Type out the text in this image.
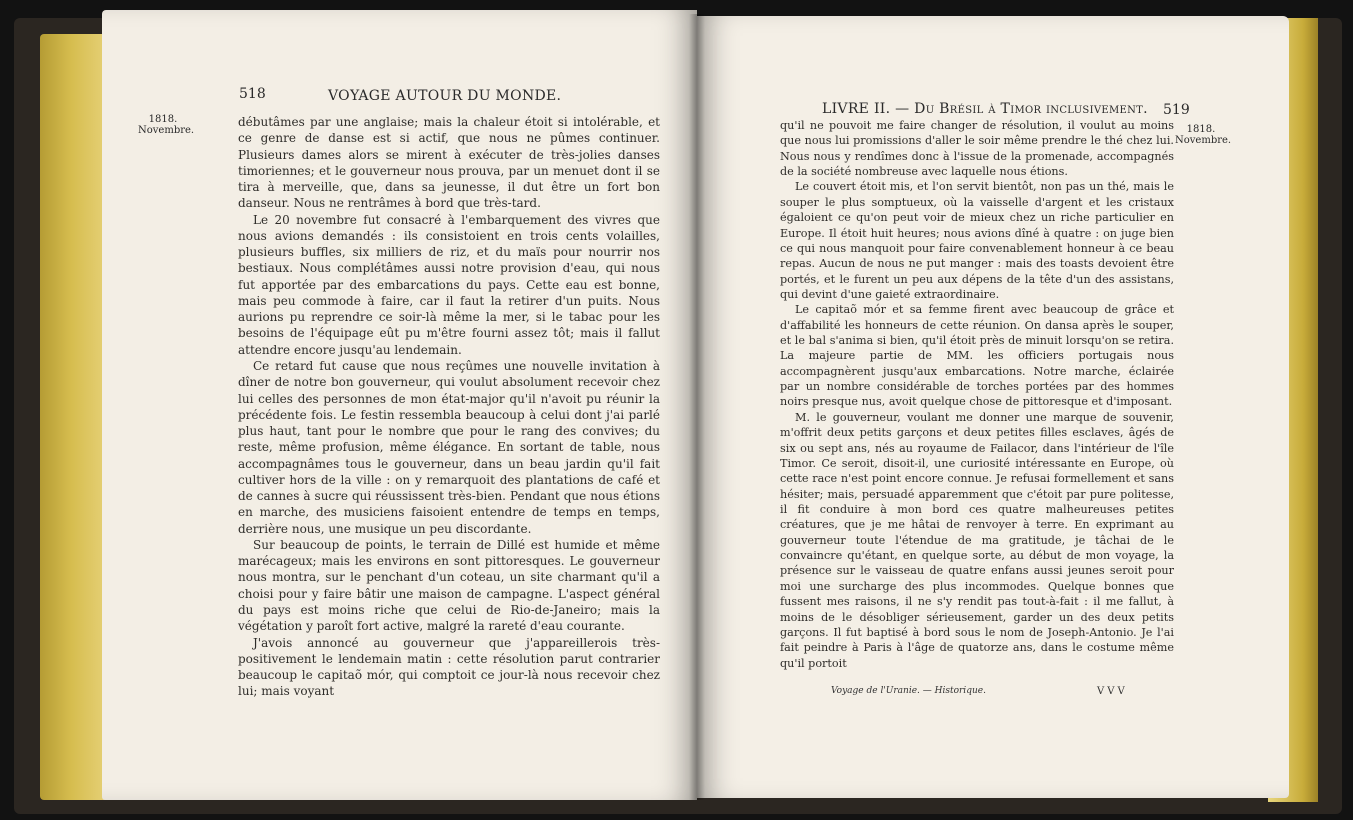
1818.
Novembre.
518	VOYAGE AUTOUR DU MONDE.

débutâmes par une anglaise; mais la chaleur étoit si intolérable, et ce genre de danse est si actif, que nous ne pûmes continuer. Plusieurs dames alors se mirent à exécuter de très-jolies danses timoriennes; et le gouverneur nous prouva, par un menuet dont il se tira à merveille, que, dans sa jeunesse, il dut être un fort bon danseur. Nous ne rentrâmes à bord que très-tard.

Le 20 novembre fut consacré à l'embarquement des vivres que nous avions demandés : ils consistoient en trois cents volailles, plusieurs buffles, six milliers de riz, et du maïs pour nourrir nos bestiaux. Nous complétâmes aussi notre provision d'eau, qui nous fut apportée par des embarcations du pays. Cette eau est bonne, mais peu commode à faire, car il faut la retirer d'un puits. Nous aurions pu reprendre ce soir-là même la mer, si le tabac pour les besoins de l'équipage eût pu m'être fourni assez tôt; mais il fallut attendre encore jusqu'au lendemain.

Ce retard fut cause que nous reçûmes une nouvelle invitation à dîner de notre bon gouverneur, qui voulut absolument recevoir chez lui celles des personnes de mon état-major qu'il n'avoit pu réunir la précédente fois. Le festin ressembla beaucoup à celui dont j'ai parlé plus haut, tant pour le nombre que pour le rang des convives; du reste, même profusion, même élégance. En sortant de table, nous accompagnâmes tous le gouverneur, dans un beau jardin qu'il fait cultiver hors de la ville : on y remarquoit des plantations de café et de cannes à sucre qui réussissent très-bien. Pendant que nous étions en marche, des musiciens faisoient entendre de temps en temps, derrière nous, une musique un peu discordante.

Sur beaucoup de points, le terrain de Dillé est humide et même marécageux; mais les environs en sont pittoresques. Le gouverneur nous montra, sur le penchant d'un coteau, un site charmant qu'il a choisi pour y faire bâtir une maison de campagne. L'aspect général du pays est moins riche que celui de Rio-de-Janeiro; mais la végétation y paroît fort active, malgré la rareté d'eau courante.

J'avois annoncé au gouverneur que j'appareillerois très-positivement le lendemain matin : cette résolution parut contrarier beaucoup le capitaõ mór, qui comptoit ce jour-là nous recevoir chez lui; mais voyant

LIVRE II. — Du Brésil à Timor inclusivement. 519
1818.
Novembre.

qu'il ne pouvoit me faire changer de résolution, il voulut au moins que nous lui promissions d'aller le soir même prendre le thé chez lui. Nous nous y rendîmes donc à l'issue de la promenade, accompagnés de la société nombreuse avec laquelle nous étions.

Le couvert étoit mis, et l'on servit bientôt, non pas un thé, mais le souper le plus somptueux, où la vaisselle d'argent et les cristaux égaloient ce qu'on peut voir de mieux chez un riche particulier en Europe. Il étoit huit heures; nous avions dîné à quatre : on juge bien ce qui nous manquoit pour faire convenablement honneur à ce beau repas. Aucun de nous ne put manger : mais des toasts devoient être portés, et le furent un peu aux dépens de la tête d'un des assistans, qui devint d'une gaieté extraordinaire.

Le capitaõ mór et sa femme firent avec beaucoup de grâce et d'affabilité les honneurs de cette réunion. On dansa après le souper, et le bal s'anima si bien, qu'il étoit près de minuit lorsqu'on se retira. La majeure partie de MM. les officiers portugais nous accompagnèrent jusqu'aux embarcations. Notre marche, éclairée par un nombre considérable de torches portées par des hommes noirs presque nus, avoit quelque chose de pittoresque et d'imposant.

M. le gouverneur, voulant me donner une marque de souvenir, m'offrit deux petits garçons et deux petites filles esclaves, âgés de six ou sept ans, nés au royaume de Failacor, dans l'intérieur de l'île Timor. Ce seroit, disoit-il, une curiosité intéressante en Europe, où cette race n'est point encore connue. Je refusai formellement et sans hésiter; mais, persuadé apparemment que c'étoit par pure politesse, il fit conduire à mon bord ces quatre malheureuses petites créatures, que je me hâtai de renvoyer à terre. En exprimant au gouverneur toute l'étendue de ma gratitude, je tâchai de le convaincre qu'étant, en quelque sorte, au début de mon voyage, la présence sur le vaisseau de quatre enfans aussi jeunes seroit pour moi une surcharge des plus incommodes. Quelque bonnes que fussent mes raisons, il ne s'y rendit pas tout-à-fait : il me fallut, à moins de le désobliger sérieusement, garder un des deux petits garçons. Il fut baptisé à bord sous le nom de Joseph-Antonio. Je l'ai fait peindre à Paris à l'âge de quatorze ans, dans le costume même qu'il portoit

Voyage de l'Uranie. — Historique.	VVV
